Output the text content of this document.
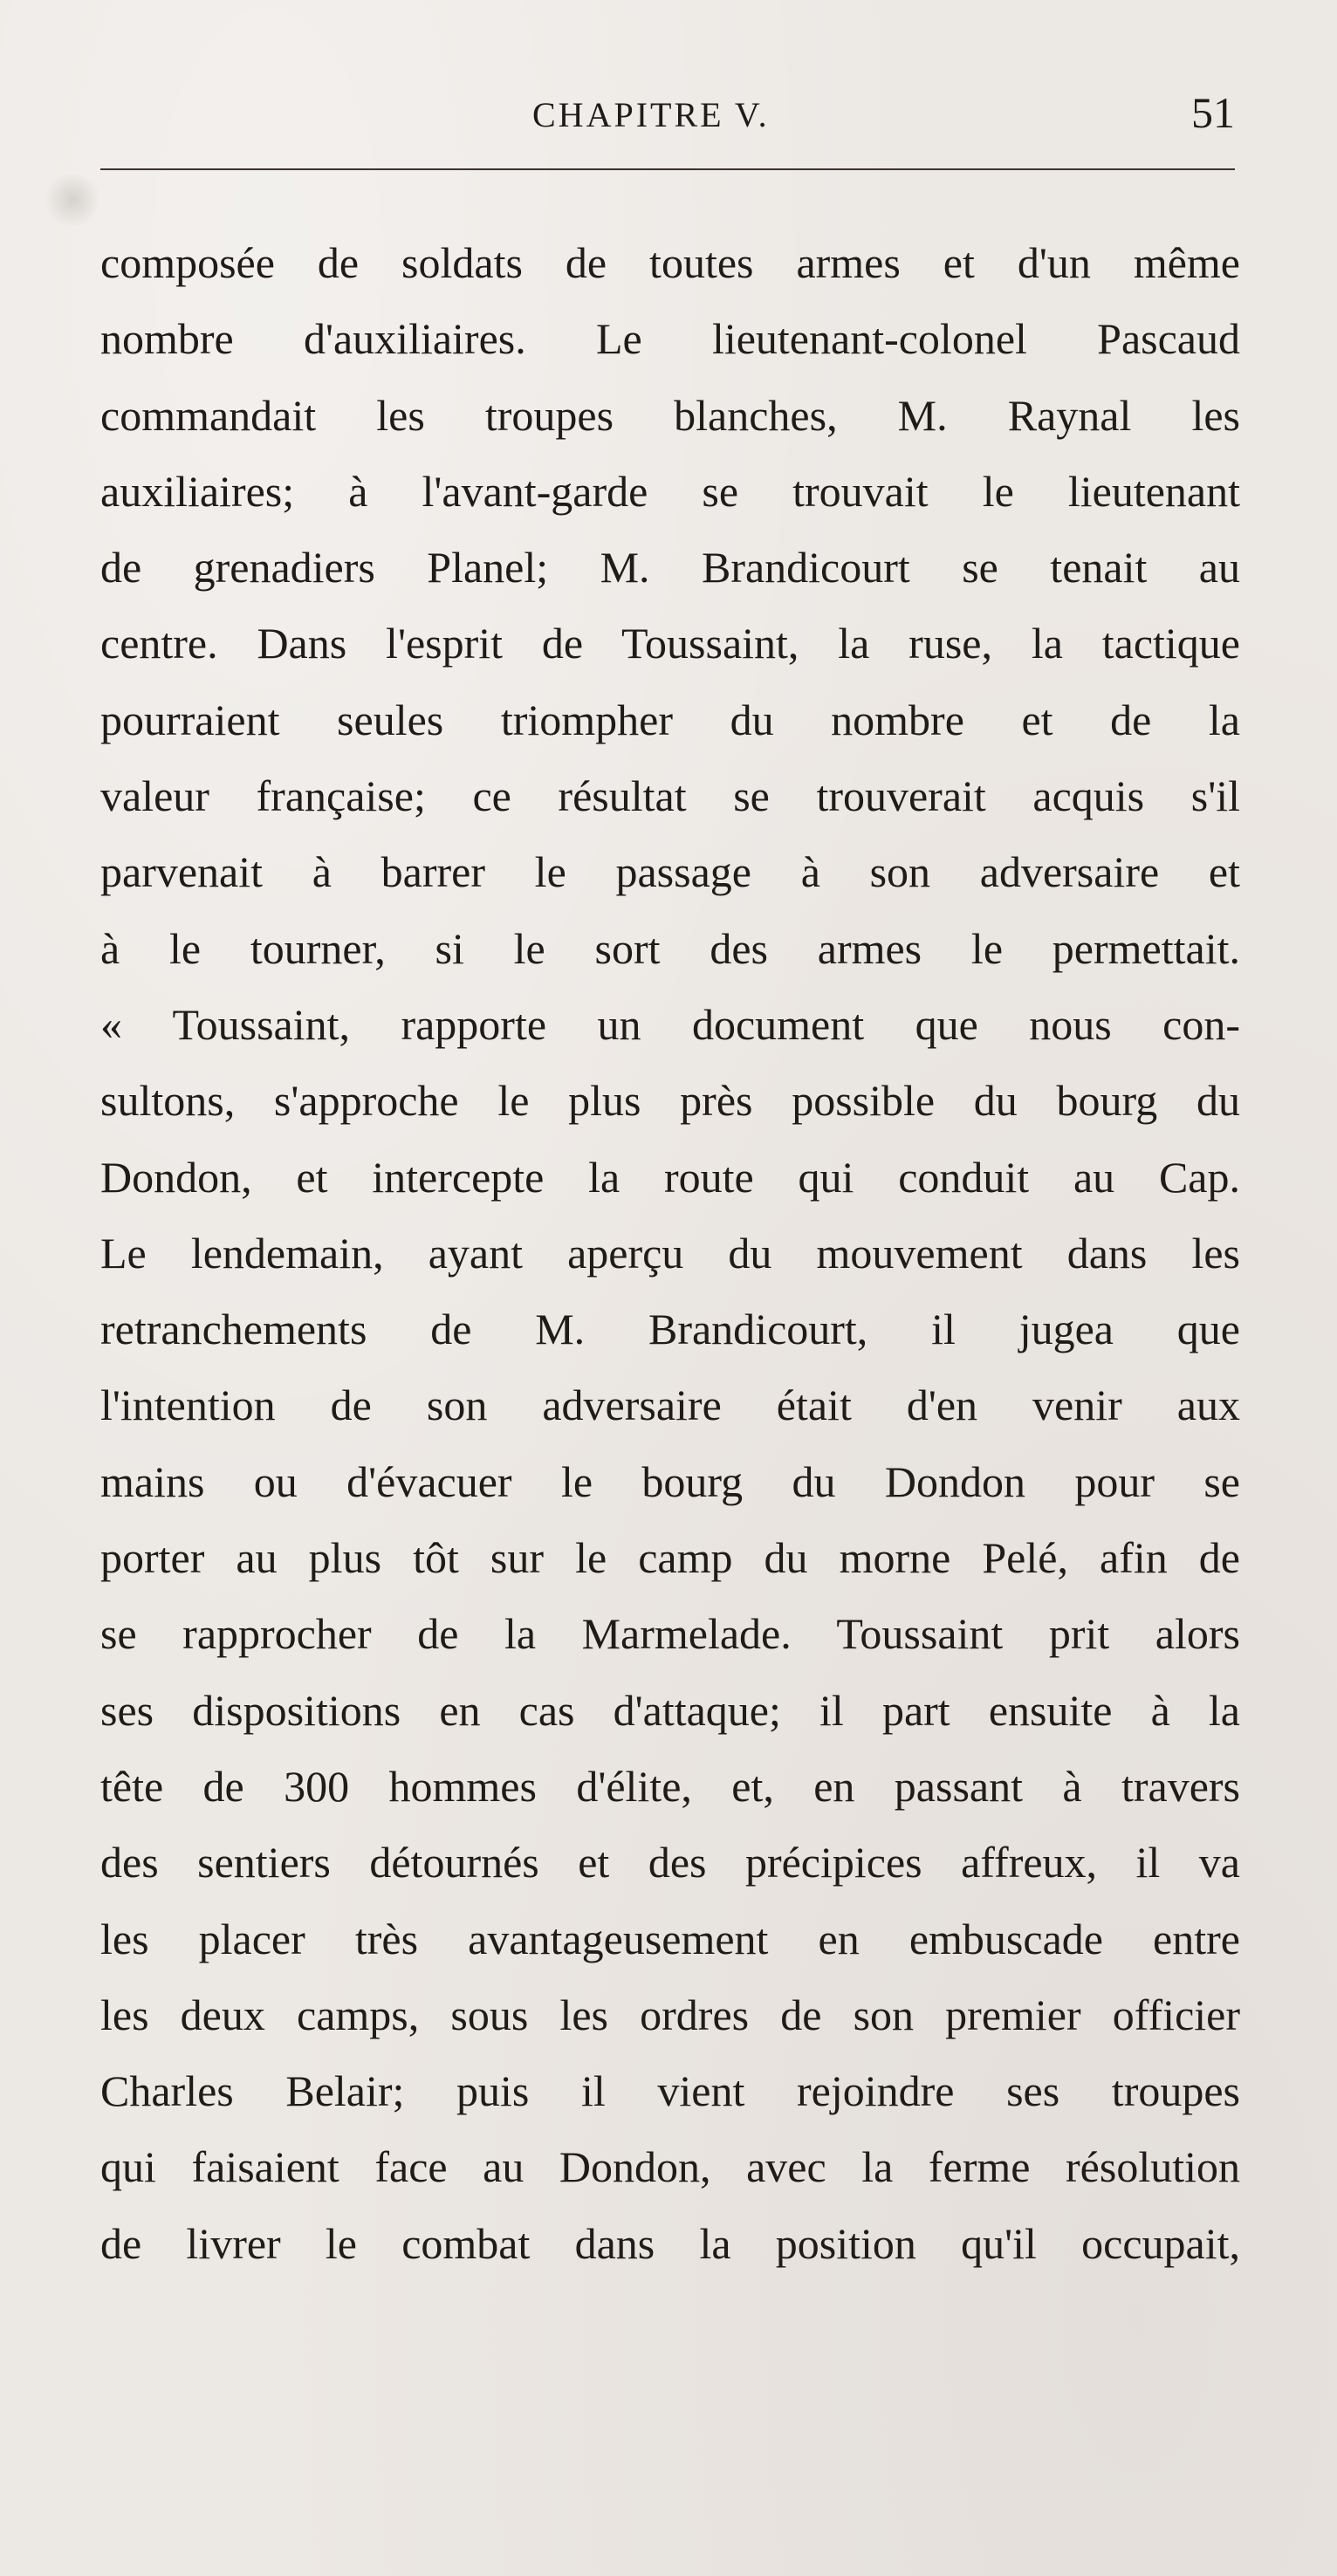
CHAPITRE V.	51
composée de soldats de toutes armes et d'un même
nombre d'auxiliaires. Le lieutenant-colonel Pascaud
commandait les troupes blanches, M. Raynal les
auxiliaires; à l'avant-garde se trouvait le lieutenant
de grenadiers Planel; M. Brandicourt se tenait au
centre. Dans l'esprit de Toussaint, la ruse, la tactique
pourraient seules triompher du nombre et de la
valeur française; ce résultat se trouverait acquis s'il
parvenait à barrer le passage à son adversaire et
à le tourner, si le sort des armes le permettait.
« Toussaint, rapporte un document que nous con-
sultons, s'approche le plus près possible du bourg du
Dondon, et intercepte la route qui conduit au Cap.
Le lendemain, ayant aperçu du mouvement dans les
retranchements de M. Brandicourt, il jugea que
l'intention de son adversaire était d'en venir aux
mains ou d'évacuer le bourg du Dondon pour se
porter au plus tôt sur le camp du morne Pelé, afin de
se rapprocher de la Marmelade. Toussaint prit alors
ses dispositions en cas d'attaque; il part ensuite à la
tête de 300 hommes d'élite, et, en passant à travers
des sentiers détournés et des précipices affreux, il va
les placer très avantageusement en embuscade entre
les deux camps, sous les ordres de son premier officier
Charles Belair; puis il vient rejoindre ses troupes
qui faisaient face au Dondon, avec la ferme résolution
de livrer le combat dans la position qu'il occupait,
